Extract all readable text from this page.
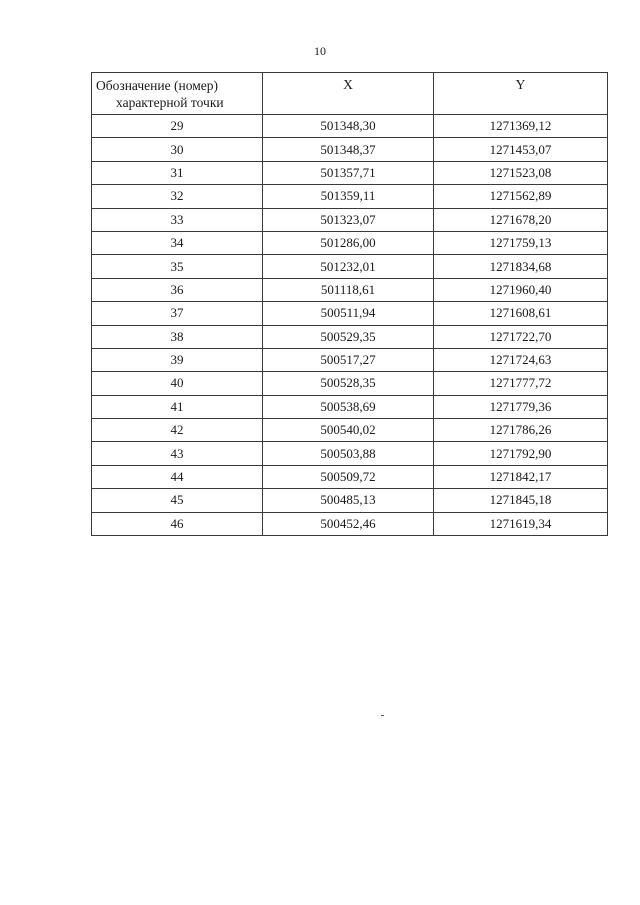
10
Обозначение (номер)
характерной точки	X	Y
29	501348,30	1271369,12
30	501348,37	1271453,07
31	501357,71	1271523,08
32	501359,11	1271562,89
33	501323,07	1271678,20
34	501286,00	1271759,13
35	501232,01	1271834,68
36	501118,61	1271960,40
37	500511,94	1271608,61
38	500529,35	1271722,70
39	500517,27	1271724,63
40	500528,35	1271777,72
41	500538,69	1271779,36
42	500540,02	1271786,26
43	500503,88	1271792,90
44	500509,72	1271842,17
45	500485,13	1271845,18
46	500452,46	1271619,34
